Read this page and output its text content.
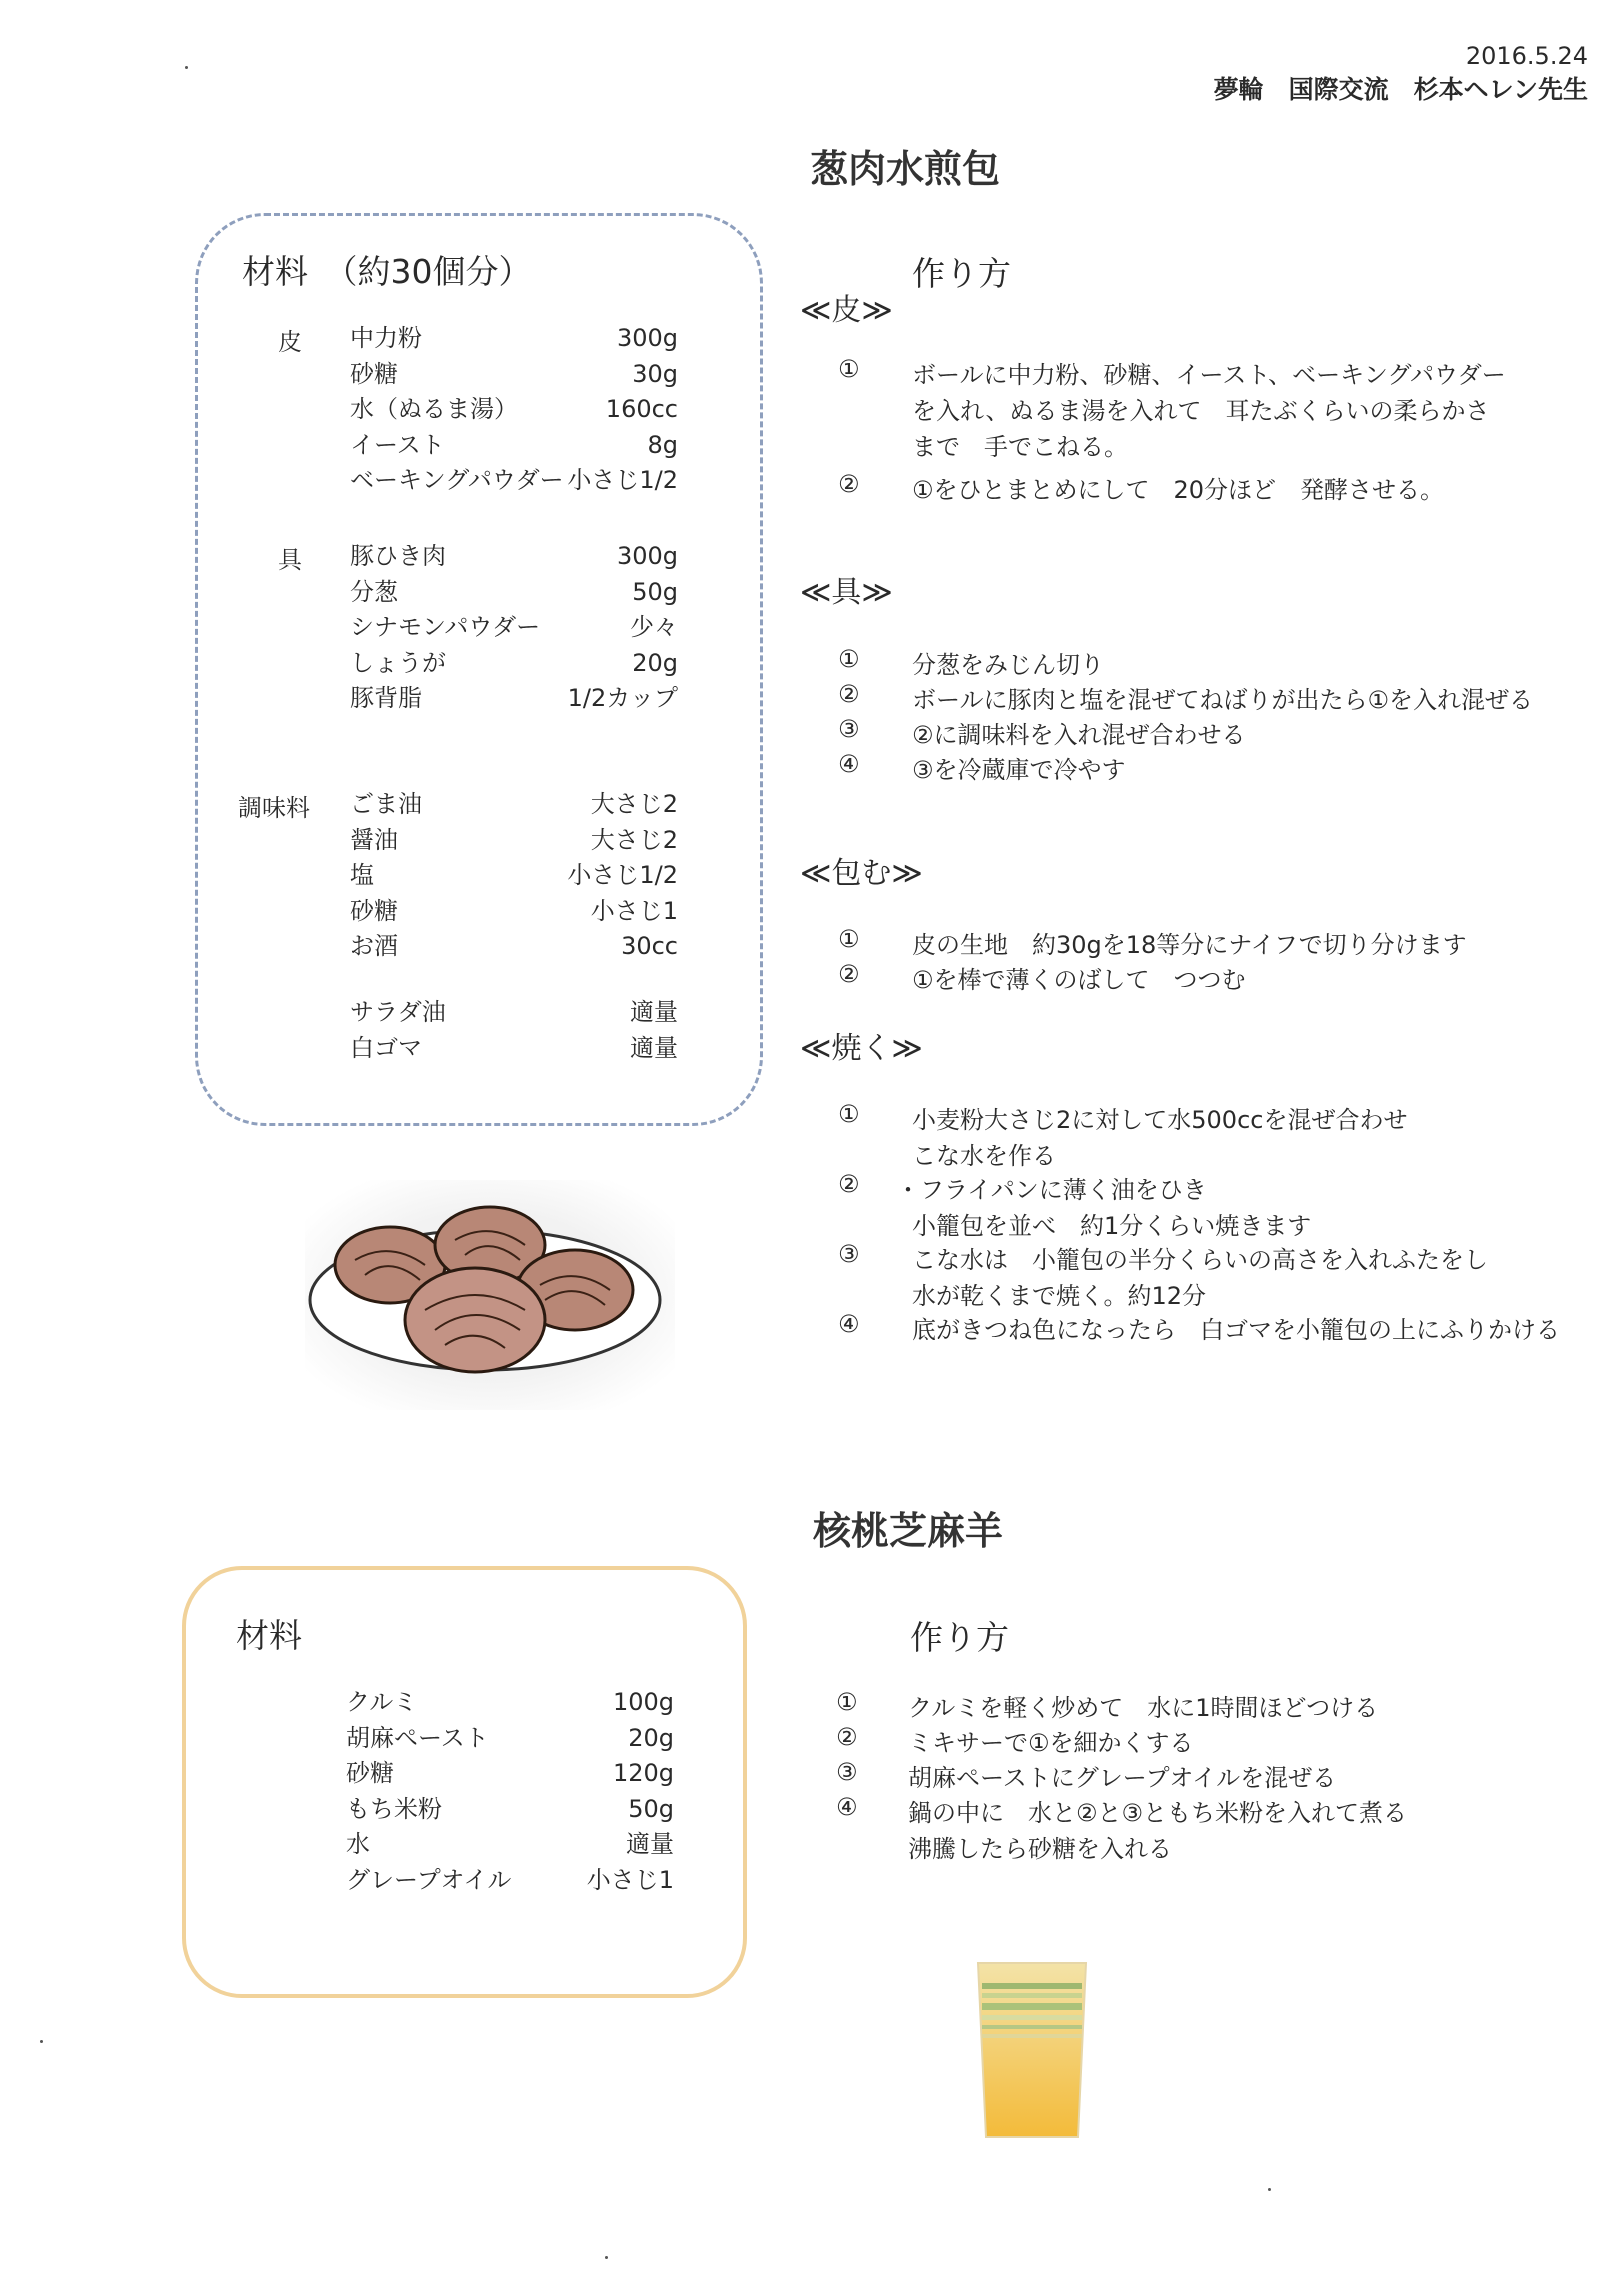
2016.5.24
夢輪　国際交流　杉本ヘレン先生
葱肉水煎包
材料　（約30個分）
皮 中力粉	300g
砂糖	30g
水（ぬるま湯）	160cc
イースト	8g
ベーキングパウダー 小さじ1/2
具 豚ひき肉	300g
分葱	50g
シナモンパウダー	少々
しょうが	20g
豚背脂	1/2カップ
調味料 ごま油	大さじ2
醤油	大さじ2
塩	小さじ1/2
砂糖	小さじ1
お酒	30cc
サラダ油	適量
白ゴマ	適量
作り方
≪皮≫
① ボールに中力粉、砂糖、イースト、ベーキングパウダー
を入れ、ぬるま湯を入れて　耳たぶくらいの柔らかさ
まで　手でこねる。
② ①をひとまとめにして　20分ほど　発酵させる。
≪具≫
① 分葱をみじん切り
② ボールに豚肉と塩を混ぜてねばりが出たら①を入れ混ぜる
③ ②に調味料を入れ混ぜ合わせる
④ ③を冷蔵庫で冷やす
≪包む≫
① 皮の生地　約30gを18等分にナイフで切り分けます
② ①を棒で薄くのばして　つつむ
≪焼く≫
① 小麦粉大さじ2に対して水500ccを混ぜ合わせ
こな水を作る
② ・フライパンに薄く油をひき
小籠包を並べ　約1分くらい焼きます
③ こな水は　小籠包の半分くらいの高さを入れふたをし
水が乾くまで焼く。約12分
④ 底がきつね色になったら　白ゴマを小籠包の上にふりかける
核桃芝麻羊
材料
クルミ	100g
胡麻ペースト	20g
砂糖	120g
もち米粉	50g
水	適量
グレープオイル	小さじ1
作り方
① クルミを軽く炒めて　水に1時間ほどつける
② ミキサーで①を細かくする
③ 胡麻ペーストにグレープオイルを混ぜる
④ 鍋の中に　水と②と③ともち米粉を入れて煮る
沸騰したら砂糖を入れる
